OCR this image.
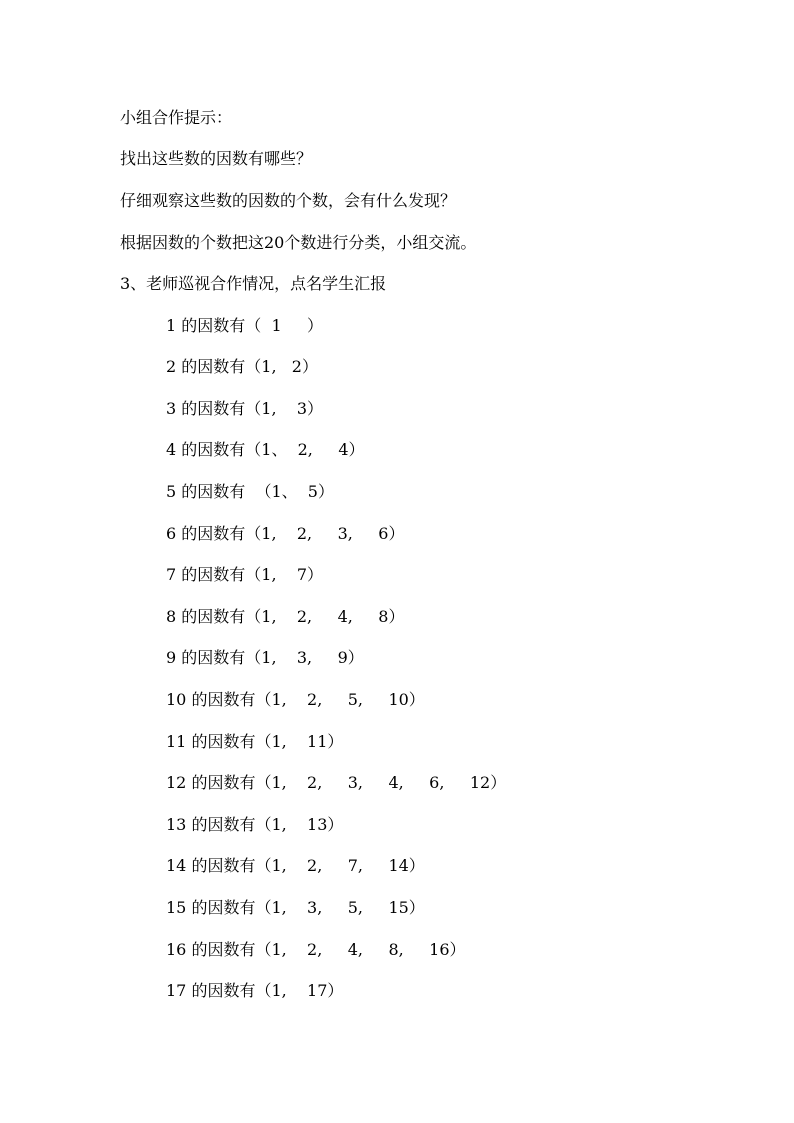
小组合作提示：
找出这些数的因数有哪些？
仔细观察这些数的因数的个数，会有什么发现？
根据因数的个数把这20个数进行分类，小组交流。
3、老师巡视合作情况，点名学生汇报
1 的因数有（  1     ）
2 的因数有（1,   2）
3 的因数有（1,    3）
4 的因数有（1、  2,     4）
5 的因数有  （1、  5）
6 的因数有（1,    2,     3,     6）
7 的因数有（1,    7）
8 的因数有（1,    2,     4,     8）
9 的因数有（1,    3,     9）
10 的因数有（1,    2,     5,     10）
11 的因数有（1,    11）
12 的因数有（1,    2,     3,     4,     6,     12）
13 的因数有（1,    13）
14 的因数有（1,    2,     7,     14）
15 的因数有（1,    3,     5,     15）
16 的因数有（1,    2,     4,     8,     16）
17 的因数有（1,    17）
